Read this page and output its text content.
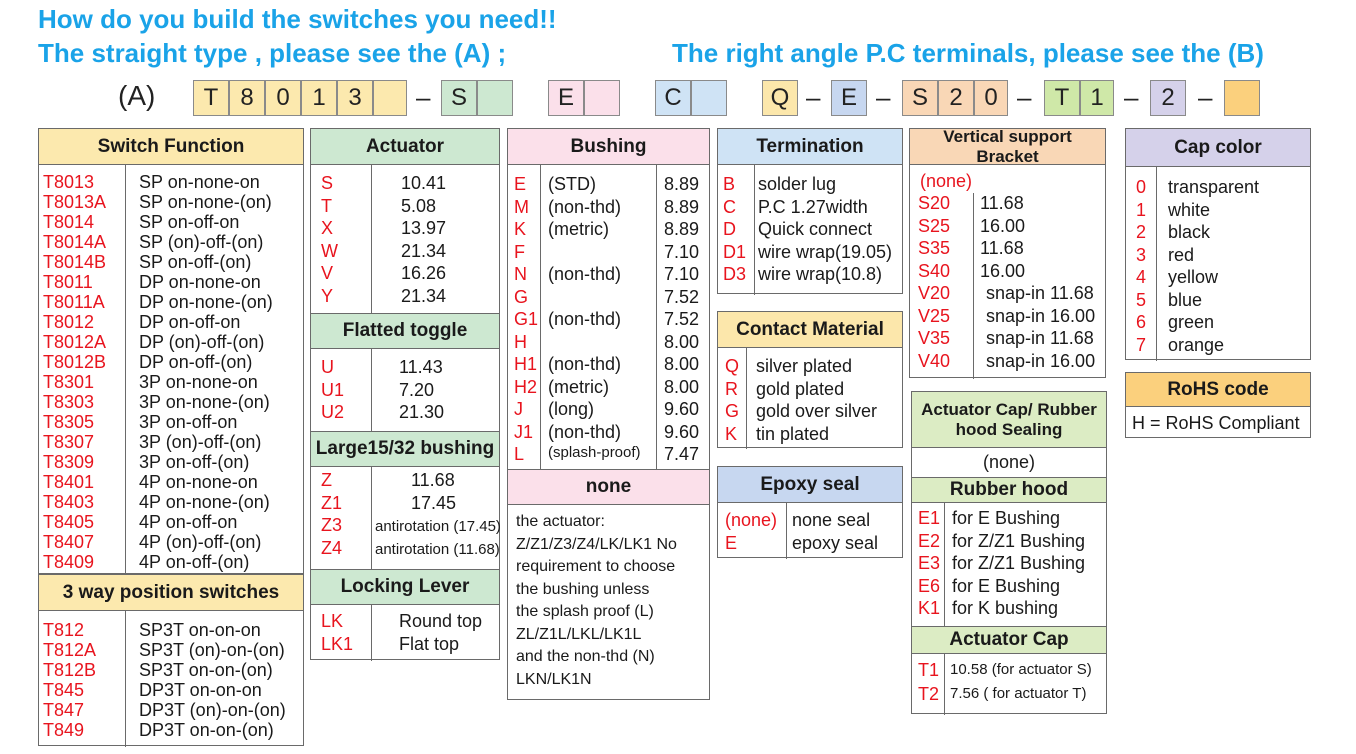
How do you build the switches you need!!
The straight type , please see the (A) ;	The right angle P.C terminals, please see the (B)
(A)	T 8 0 1 3	S	E	C	Q	E	S 2 0	T 1	2
–	– –	–	– –
Switch Function
T8013 SP on-none-on
T8013A SP on-none-(on)
T8014 SP on-off-on
T8014A SP (on)-off-(on)
T8014B SP on-off-(on)
T8011	DP on-none-on
T8011A DP on-none-(on)
T8012 DP on-off-on
T8012A DP (on)-off-(on)
T8012B DP on-off-(on)
T8301 3P on-none-on
T8303 3P on-none-(on)
T8305 3P on-off-on
T8307 3P (on)-off-(on)
T8309 3P on-off-(on)
T8401 4P on-none-on
T8403 4P on-none-(on)
T8405 4P on-off-on
T8407 4P (on)-off-(on)
T8409 4P on-off-(on)
3 way position switches
T812	SP3T on-on-on
T812A SP3T (on)-on-(on)
T812B SP3T on-on-(on)
T845	DP3T on-on-on
T847	DP3T (on)-on-(on)
T849	DP3T on-on-(on)
Actuator
S	10.41
T	5.08
X	13.97
W	21.34
V	16.26
Y	21.34
Flatted toggle
U	11.43
U1	7.20
U2	21.30
Large15/32 bushing
Z	11.68
Z1	17.45
Z3 antirotation (17.45)
Z4 antirotation (11.68)
Locking Lever
LK	Round top
LK1	Flat top
Bushing
E (STD)	8.89
M (non-thd) 8.89
K (metric)	8.89
F	7.10
N (non-thd) 7.10
G	7.52
G1 (non-thd) 7.52
H	8.00
H1 (non-thd) 8.00
H2 (metric)	8.00
J (long)	9.60
J1 (non-thd) 9.60
L (splash-proof) 7.47
none
the actuator:
Z/Z1/Z3/Z4/LK/LK1 No
requirement to choose
the bushing unless
the splash proof (L)
ZL/Z1L/LKL/LK1L
and the non-thd (N)
LKN/LK1N
Termination
B solder lug
C P.C 1.27width
D Quick connect
D1 wire wrap(19.05)
D3 wire wrap(10.8)
Contact Material
Q silver plated
R gold plated
G gold over silver
K tin plated
Epoxy seal
(none) none seal
E	epoxy seal
Vertical support Bracket
(none)
S20 11.68
S25 16.00
S35 11.68
S40 16.00
V20 snap-in 11.68
V25 snap-in 16.00
V35 snap-in 11.68
V40 snap-in 16.00
Actuator Cap/ Rubber
hood Sealing
(none)
Rubber hood
E1 for E Bushing
E2 for Z/Z1 Bushing
E3 for Z/Z1 Bushing
E6 for E Bushing
K1 for K bushing
Actuator Cap
T1 10.58 (for actuator S)
T2 7.56 ( for actuator T)
Cap color
0 transparent
1 white
2 black
3 red
4 yellow
5 blue
6 green
7 orange
RoHS code
H = RoHS Compliant
